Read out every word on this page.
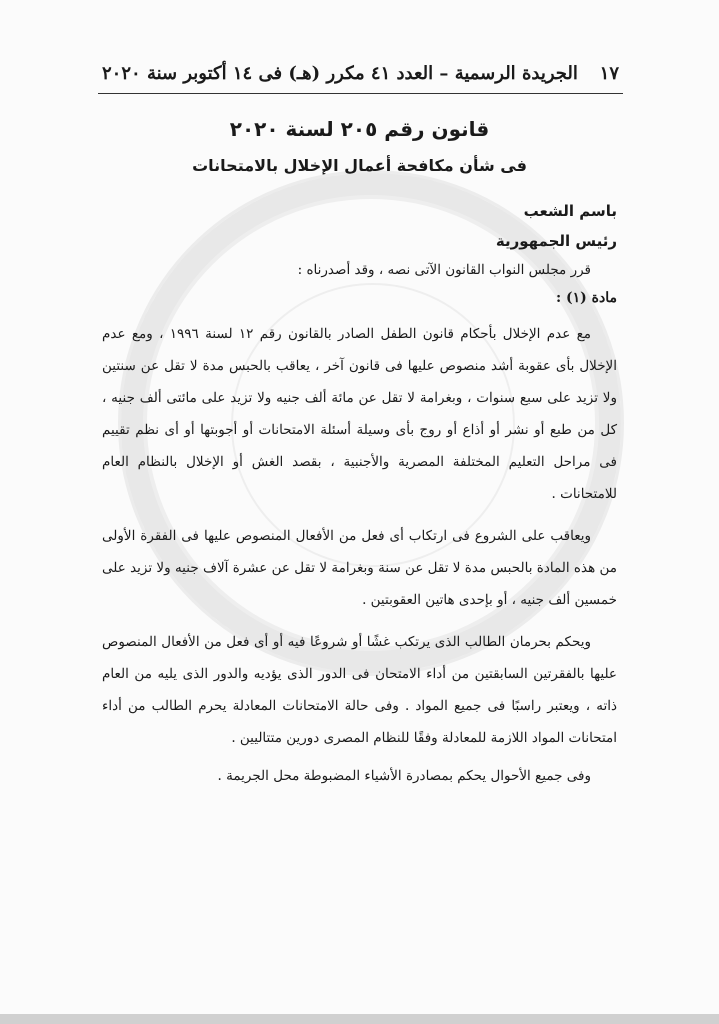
الجريدة الرسمية – العدد ٤١ مكرر (هـ) فى ١٤ أكتوبر سنة ٢٠٢٠ ١٧
قانون رقم ٢٠٥ لسنة ٢٠٢٠
فى شأن مكافحة أعمال الإخلال بالامتحانات
باسم الشعب
رئيس الجمهورية
قرر مجلس النواب القانون الآتى نصه ، وقد أصدرناه :
مادة (١) :

مع عدم الإخلال بأحكام قانون الطفل الصادر بالقانون رقم ١٢ لسنة ١٩٩٦ ، ومع عدم الإخلال بأى عقوبة أشد منصوص عليها فى قانون آخر ، يعاقب بالحبس مدة لا تقل عن سنتين ولا تزيد على سبع سنوات ، وبغرامة لا تقل عن مائة ألف جنيه ولا تزيد على مائتى ألف جنيه ، كل من طبع أو نشر أو أذاع أو روج بأى وسيلة أسئلة الامتحانات أو أجوبتها أو أى نظم تقييم فى مراحل التعليم المختلفة المصرية والأجنبية ، بقصد الغش أو الإخلال بالنظام العام للامتحانات .

ويعاقب على الشروع فى ارتكاب أى فعل من الأفعال المنصوص عليها فى الفقرة الأولى من هذه المادة بالحبس مدة لا تقل عن سنة وبغرامة لا تقل عن عشرة آلاف جنيه ولا تزيد على خمسين ألف جنيه ، أو بإحدى هاتين العقوبتين .

ويحكم بحرمان الطالب الذى يرتكب غشًا أو شروعًا فيه أو أى فعل من الأفعال المنصوص عليها بالفقرتين السابقتين من أداء الامتحان فى الدور الذى يؤديه والدور الذى يليه من العام ذاته ، ويعتبر راسبًا فى جميع المواد . وفى حالة الامتحانات المعادلة يحرم الطالب من أداء امتحانات المواد اللازمة للمعادلة وفقًا للنظام المصرى دورين متتاليين .

وفى جميع الأحوال يحكم بمصادرة الأشياء المضبوطة محل الجريمة .
